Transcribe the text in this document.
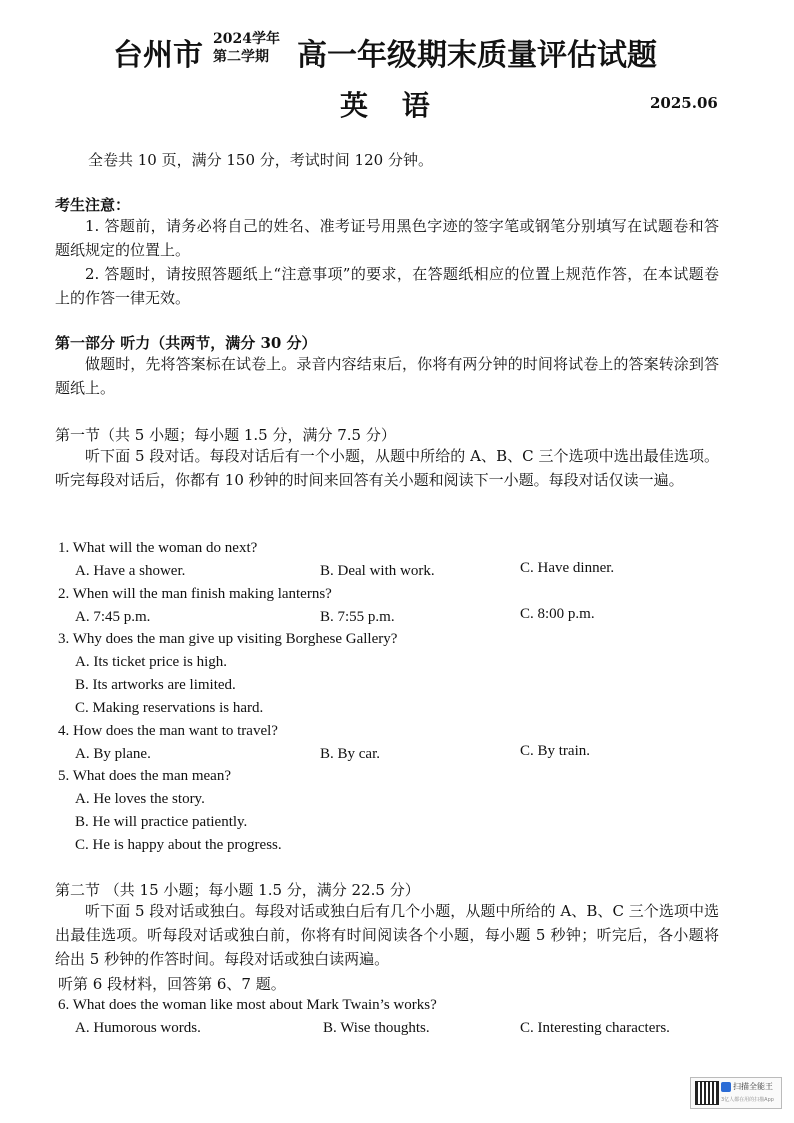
台州市 2024学年
第二学期 高一年级期末质量评估试题
英 语	2025.06
全卷共 10 页，满分 150 分，考试时间 120 分钟。
考生注意：
1. 答题前，请务必将自己的姓名、准考证号用黑色字迹的签字笔或钢笔分别填写在试题卷和答题纸规定的位置上。
2. 答题时，请按照答题纸上“注意事项”的要求，在答题纸相应的位置上规范作答，在本试题卷上的作答一律无效。
第一部分 听力（共两节，满分 30 分）
做题时，先将答案标在试卷上。录音内容结束后，你将有两分钟的时间将试卷上的答案转涂到答题纸上。
第一节（共 5 小题；每小题 1.5 分，满分 7.5 分）
听下面 5 段对话。每段对话后有一个小题，从题中所给的 A、B、C 三个选项中选出最佳选项。听完每段对话后，你都有 10 秒钟的时间来回答有关小题和阅读下一小题。每段对话仅读一遍。
1. What will the woman do next?
A. Have a shower.	B. Deal with work.	C. Have dinner.
2. When will the man finish making lanterns?
A. 7:45 p.m.	B. 7:55 p.m.	C. 8:00 p.m.
3. Why does the man give up visiting Borghese Gallery?
A. Its ticket price is high.
B. Its artworks are limited.
C. Making reservations is hard.
4. How does the man want to travel?
A. By plane.	B. By car.	C. By train.
5. What does the man mean?
A. He loves the story.
B. He will practice patiently.
C. He is happy about the progress.
第二节 （共 15 小题；每小题 1.5 分，满分 22.5 分）
听下面 5 段对话或独白。每段对话或独白后有几个小题，从题中所给的 A、B、C 三个选项中选出最佳选项。听每段对话或独白前，你将有时间阅读各个小题，每小题 5 秒钟；听完后，各小题将给出 5 秒钟的作答时间。每段对话或独白读两遍。
听第 6 段材料，回答第 6、7 题。
6. What does the woman like most about Mark Twain’s works?
A. Humorous words.	B. Wise thoughts.	C. Interesting characters.
扫描全能王
3亿人都在用的扫描App
